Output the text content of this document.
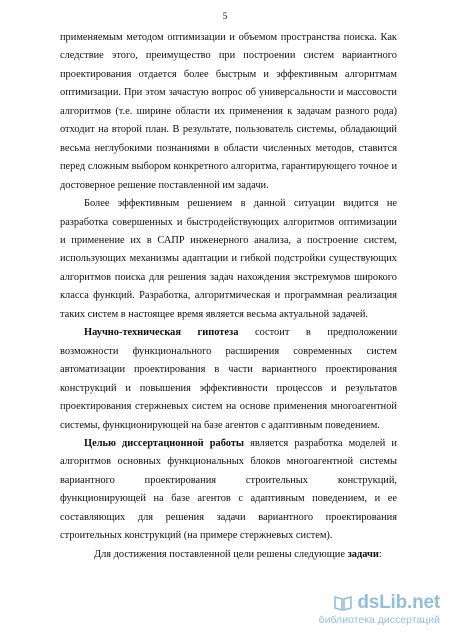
5

применяемым методом оптимизации и объемом пространства поиска. Как следствие этого, преимущество при построении систем вариантного проектирования отдается более быстрым и эффективным алгоритмам оптимизации. При этом зачастую вопрос об универсальности и массовости алгоритмов (т.е. ширине области их применения к задачам разного рода) отходит на второй план. В результате, пользователь системы, обладающий весьма неглубокими познаниями в области численных методов, ставится перед сложным выбором конкретного алгоритма, гарантирующего точное и достоверное решение поставленной им задачи.

Более эффективным решением в данной ситуации видится не разработка совершенных и быстродействующих алгоритмов оптимизации и применение их в САПР инженерного анализа, а построение систем, использующих механизмы адаптации и гибкой подстройки существующих алгоритмов поиска для решения задач нахождения экстремумов широкого класса функций. Разработка, алгоритмическая и программная реализация таких систем в настоящее время является весьма актуальной задачей.

Научно-техническая гипотеза состоит в предположении возможности функционального расширения современных систем автоматизации проектирования в части вариантного проектирования конструкций и повышения эффективности процессов и результатов проектирования стержневых систем на основе применения многоагентной системы, функционирующей на базе агентов с адаптивным поведением.

Целью диссертационной работы является разработка моделей и алгоритмов основных функциональных блоков многоагентной системы вариантного проектирования строительных конструкций, функционирующей на базе агентов с адаптивным поведением, и ее составляющих для решения задачи вариантного проектирования строительных конструкций (на примере стержневых систем).

Для достижения поставленной цели решены следующие задачи:

dsLib.net
библиотека диссертаций
